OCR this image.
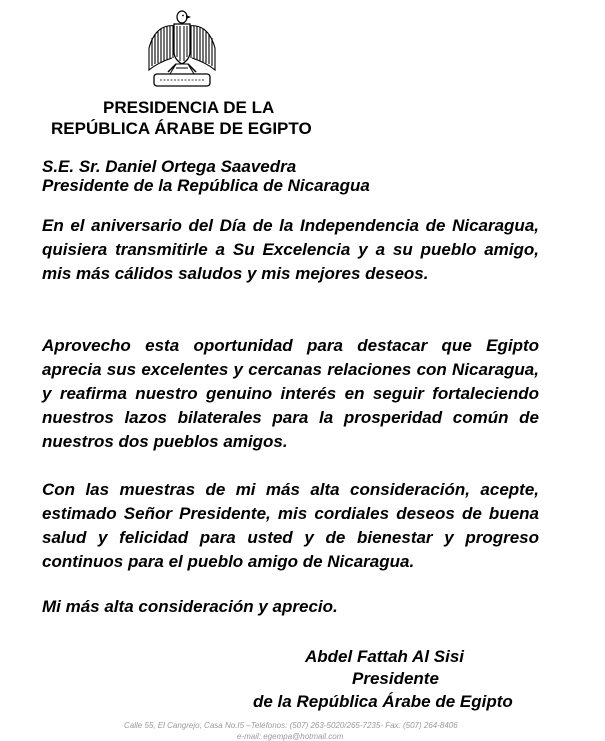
PRESIDENCIA DE LA
REPÚBLICA ÁRABE DE EGIPTO
S.E. Sr. Daniel Ortega Saavedra
Presidente de la República de Nicaragua
En el aniversario del Día de la Independencia de Nicaragua, quisiera transmitirle a Su Excelencia y a su pueblo amigo, mis más cálidos saludos y mis mejores deseos.
Aprovecho esta oportunidad para destacar que Egipto aprecia sus excelentes y cercanas relaciones con Nicaragua, y reafirma nuestro genuino interés en seguir fortaleciendo nuestros lazos bilaterales para la prosperidad común de nuestros dos pueblos amigos.
Con las muestras de mi más alta consideración, acepte, estimado Señor Presidente, mis cordiales deseos de buena salud y felicidad para usted y de bienestar y progreso continuos para el pueblo amigo de Nicaragua.
Mi más alta consideración y aprecio.
Abdel Fattah Al Sisi
Presidente
de la República Árabe de Egipto
Calle 55, El Cangrejo, Casa No.I5 –Teléfonos: (507) 263-5020/265-7235- Fax: (507) 264-8406
e-mail: egempa@hotmail.com
